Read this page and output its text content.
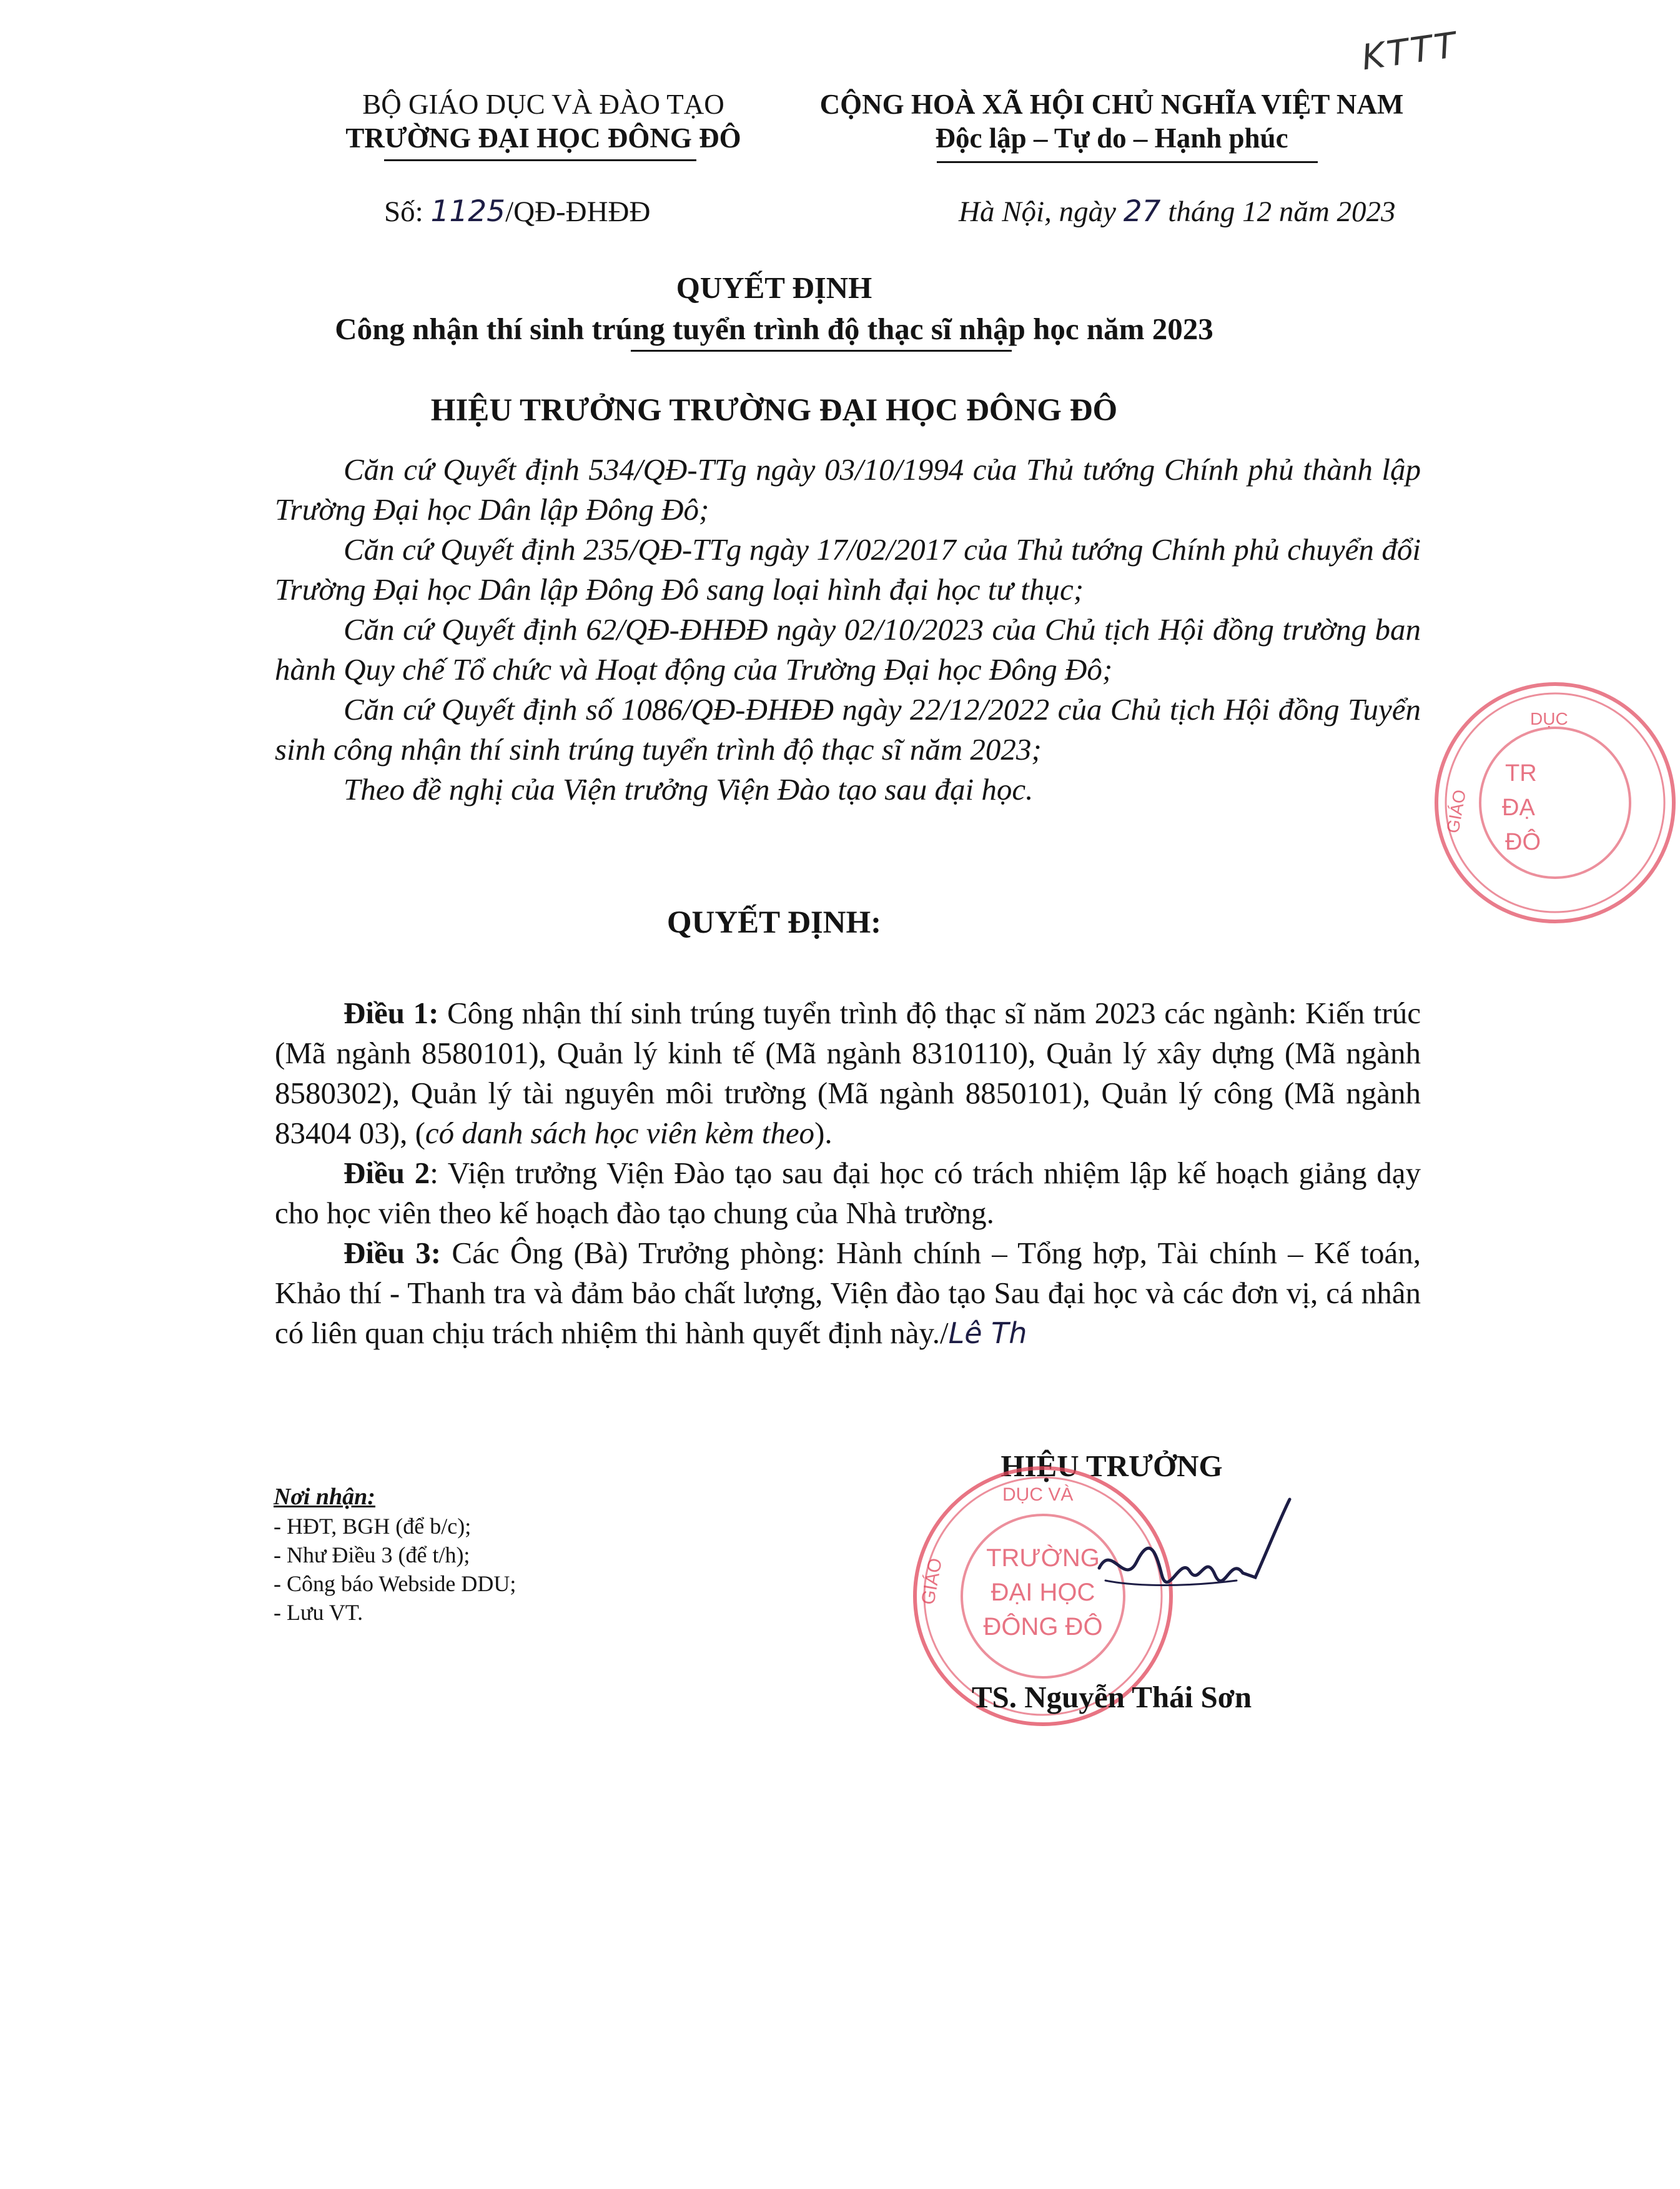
KTTT
BỘ GIÁO DỤC VÀ ĐÀO TẠO
TRƯỜNG ĐẠI HỌC ĐÔNG ĐÔ
CỘNG HOÀ XÃ HỘI CHỦ NGHĨA VIỆT NAM
Độc lập – Tự do – Hạnh phúc
Số: 1125/QĐ-ĐHĐĐ	Hà Nội, ngày 27 tháng 12 năm 2023
QUYẾT ĐỊNH
Công nhận thí sinh trúng tuyển trình độ thạc sĩ nhập học năm 2023
HIỆU TRƯỞNG TRƯỜNG ĐẠI HỌC ĐÔNG ĐÔ
Căn cứ Quyết định 534/QĐ-TTg ngày 03/10/1994 của Thủ tướng Chính phủ thành lập Trường Đại học Dân lập Đông Đô;
Căn cứ Quyết định 235/QĐ-TTg ngày 17/02/2017 của Thủ tướng Chính phủ chuyển đổi Trường Đại học Dân lập Đông Đô sang loại hình đại học tư thục;
Căn cứ Quyết định 62/QĐ-ĐHĐĐ ngày 02/10/2023 của Chủ tịch Hội đồng trường ban hành Quy chế Tổ chức và Hoạt động của Trường Đại học Đông Đô;
Căn cứ Quyết định số 1086/QĐ-ĐHĐĐ ngày 22/12/2022 của Chủ tịch Hội đồng Tuyển sinh công nhận thí sinh trúng tuyển trình độ thạc sĩ năm 2023;
Theo đề nghị của Viện trưởng Viện Đào tạo sau đại học.
QUYẾT ĐỊNH:
Điều 1: Công nhận thí sinh trúng tuyển trình độ thạc sĩ năm 2023 các ngành: Kiến trúc (Mã ngành 8580101), Quản lý kinh tế (Mã ngành 8310110), Quản lý xây dựng (Mã ngành 8580302), Quản lý tài nguyên môi trường (Mã ngành 8850101), Quản lý công (Mã ngành 83404 03), (có danh sách học viên kèm theo).
Điều 2: Viện trưởng Viện Đào tạo sau đại học có trách nhiệm lập kế hoạch giảng dạy cho học viên theo kế hoạch đào tạo chung của Nhà trường.
Điều 3: Các Ông (Bà) Trưởng phòng: Hành chính – Tổng hợp, Tài chính – Kế toán, Khảo thí - Thanh tra và đảm bảo chất lượng, Viện đào tạo Sau đại học và các đơn vị, cá nhân có liên quan chịu trách nhiệm thi hành quyết định này./Lê Th
Nơi nhận:
- HĐT, BGH (để b/c);
- Như Điều 3 (để t/h);
- Công báo Webside DDU;
- Lưu VT.
HIỆU TRƯỞNG
GIÁO
DỤC VÀ
TRƯỜNG
ĐẠI HỌC
ĐÔNG ĐÔ
TS. Nguyễn Thái Sơn
DỤC
GIÁO
TR
ĐẠ
ĐÔ
